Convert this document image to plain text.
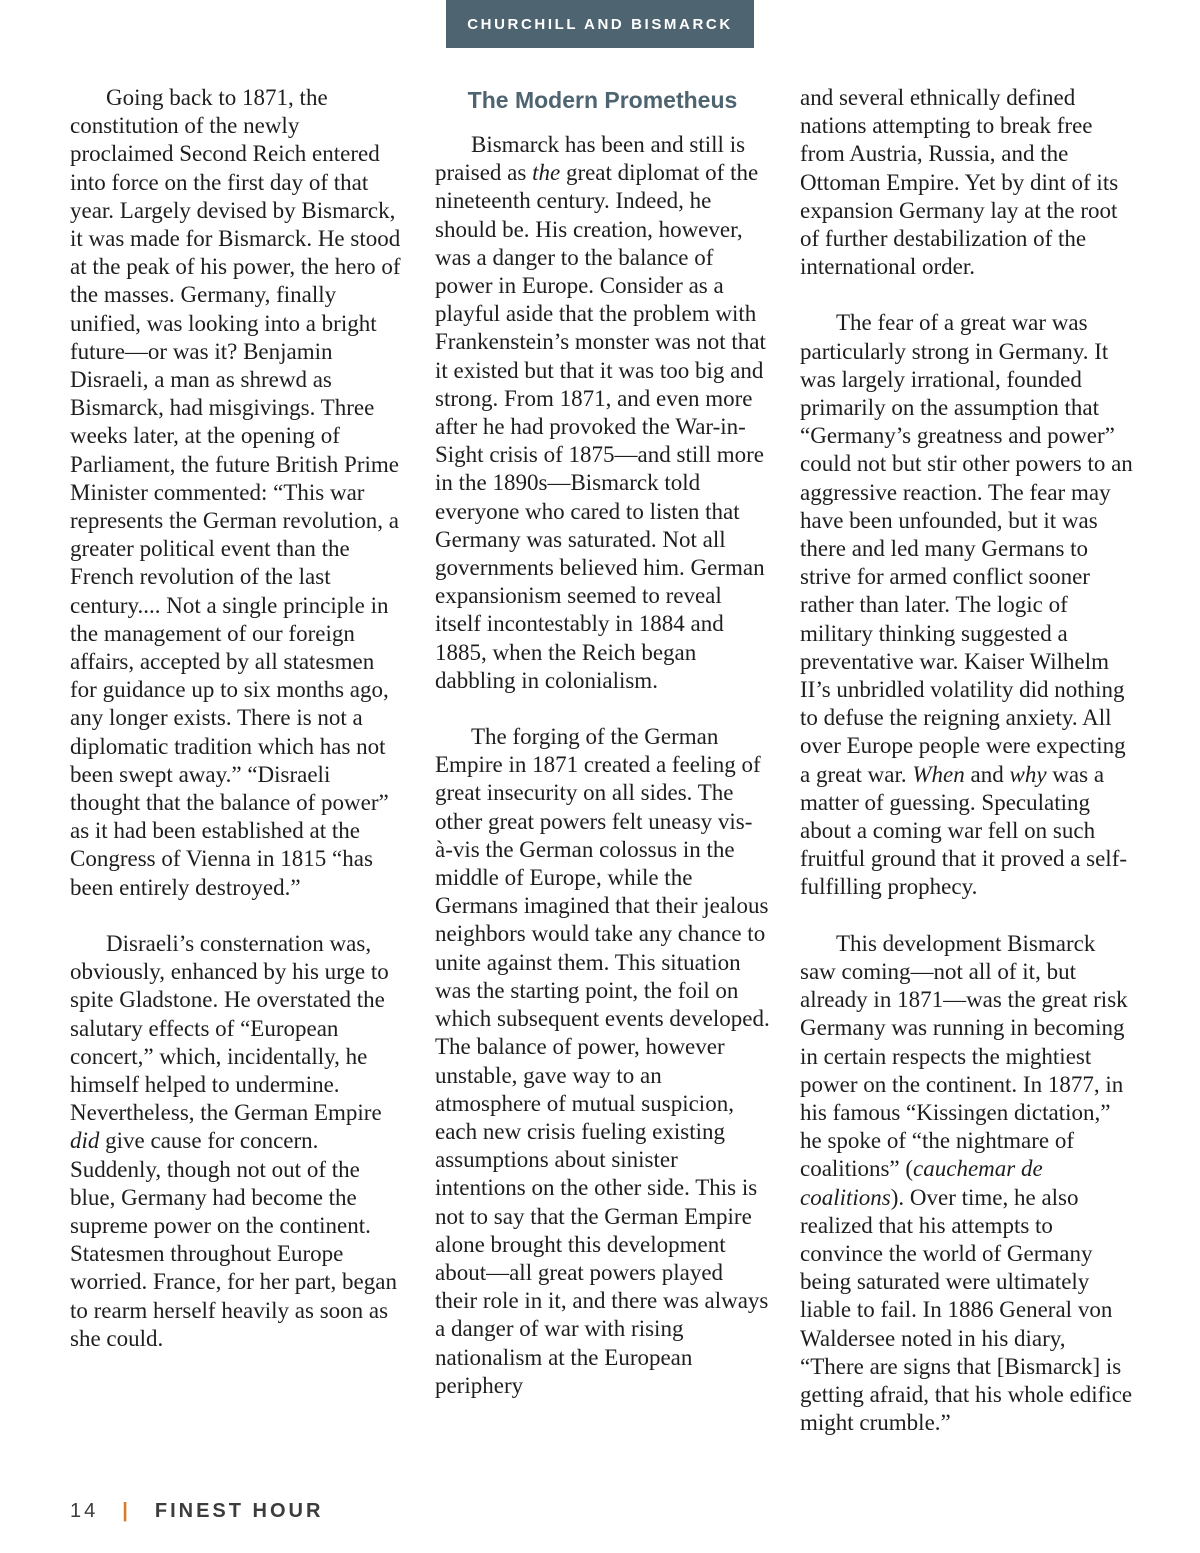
CHURCHILL AND BISMARCK

Going back to 1871, the constitution of the newly proclaimed Second Reich entered into force on the first day of that year. Largely devised by Bismarck, it was made for Bismarck. He stood at the peak of his power, the hero of the masses. Germany, finally unified, was looking into a bright future—or was it? Benjamin Disraeli, a man as shrewd as Bismarck, had misgivings. Three weeks later, at the opening of Parliament, the future British Prime Minister commented: “This war represents the German revolution, a greater political event than the French revolution of the last century.... Not a single principle in the management of our foreign affairs, accepted by all statesmen for guidance up to six months ago, any longer exists. There is not a diplomatic tradition which has not been swept away.” “Disraeli thought that the balance of power” as it had been established at the Congress of Vienna in 1815 “has been entirely destroyed.”

Disraeli’s consternation was, obviously, enhanced by his urge to spite Gladstone. He overstated the salutary effects of “European concert,” which, incidentally, he himself helped to undermine. Nevertheless, the German Empire did give cause for concern. Suddenly, though not out of the blue, Germany had become the supreme power on the continent. Statesmen throughout Europe worried. France, for her part, began to rearm herself heavily as soon as she could.

The Modern Prometheus

Bismarck has been and still is praised as the great diplomat of the nineteenth century. Indeed, he should be. His creation, however, was a danger to the balance of power in Europe. Consider as a playful aside that the problem with Frankenstein’s monster was not that it existed but that it was too big and strong. From 1871, and even more after he had provoked the War-in-Sight crisis of 1875—and still more in the 1890s—Bismarck told everyone who cared to listen that Germany was saturated. Not all governments believed him. German expansionism seemed to reveal itself incontestably in 1884 and 1885, when the Reich began dabbling in colonialism.

The forging of the German Empire in 1871 created a feeling of great insecurity on all sides. The other great powers felt uneasy vis-à-vis the German colossus in the middle of Europe, while the Germans imagined that their jealous neighbors would take any chance to unite against them. This situation was the starting point, the foil on which subsequent events developed. The balance of power, however unstable, gave way to an atmosphere of mutual suspicion, each new crisis fueling existing assumptions about sinister intentions on the other side. This is not to say that the German Empire alone brought this development about—all great powers played their role in it, and there was always a danger of war with rising nationalism at the European periphery

and several ethnically defined nations attempting to break free from Austria, Russia, and the Ottoman Empire. Yet by dint of its expansion Germany lay at the root of further destabilization of the international order.

The fear of a great war was particularly strong in Germany. It was largely irrational, founded primarily on the assumption that “Germany’s greatness and power” could not but stir other powers to an aggressive reaction. The fear may have been unfounded, but it was there and led many Germans to strive for armed conflict sooner rather than later. The logic of military thinking suggested a preventative war. Kaiser Wilhelm II’s unbridled volatility did nothing to defuse the reigning anxiety. All over Europe people were expecting a great war. When and why was a matter of guessing. Speculating about a coming war fell on such fruitful ground that it proved a self-fulfilling prophecy.

This development Bismarck saw coming—not all of it, but already in 1871—was the great risk Germany was running in becoming in certain respects the mightiest power on the continent. In 1877, in his famous “Kissingen dictation,” he spoke of “the nightmare of coalitions” (cauchemar de coalitions). Over time, he also realized that his attempts to convince the world of Germany being saturated were ultimately liable to fail. In 1886 General von Waldersee noted in his diary, “There are signs that [Bismarck] is getting afraid, that his whole edifice might crumble.”

14 | FINEST HOUR
